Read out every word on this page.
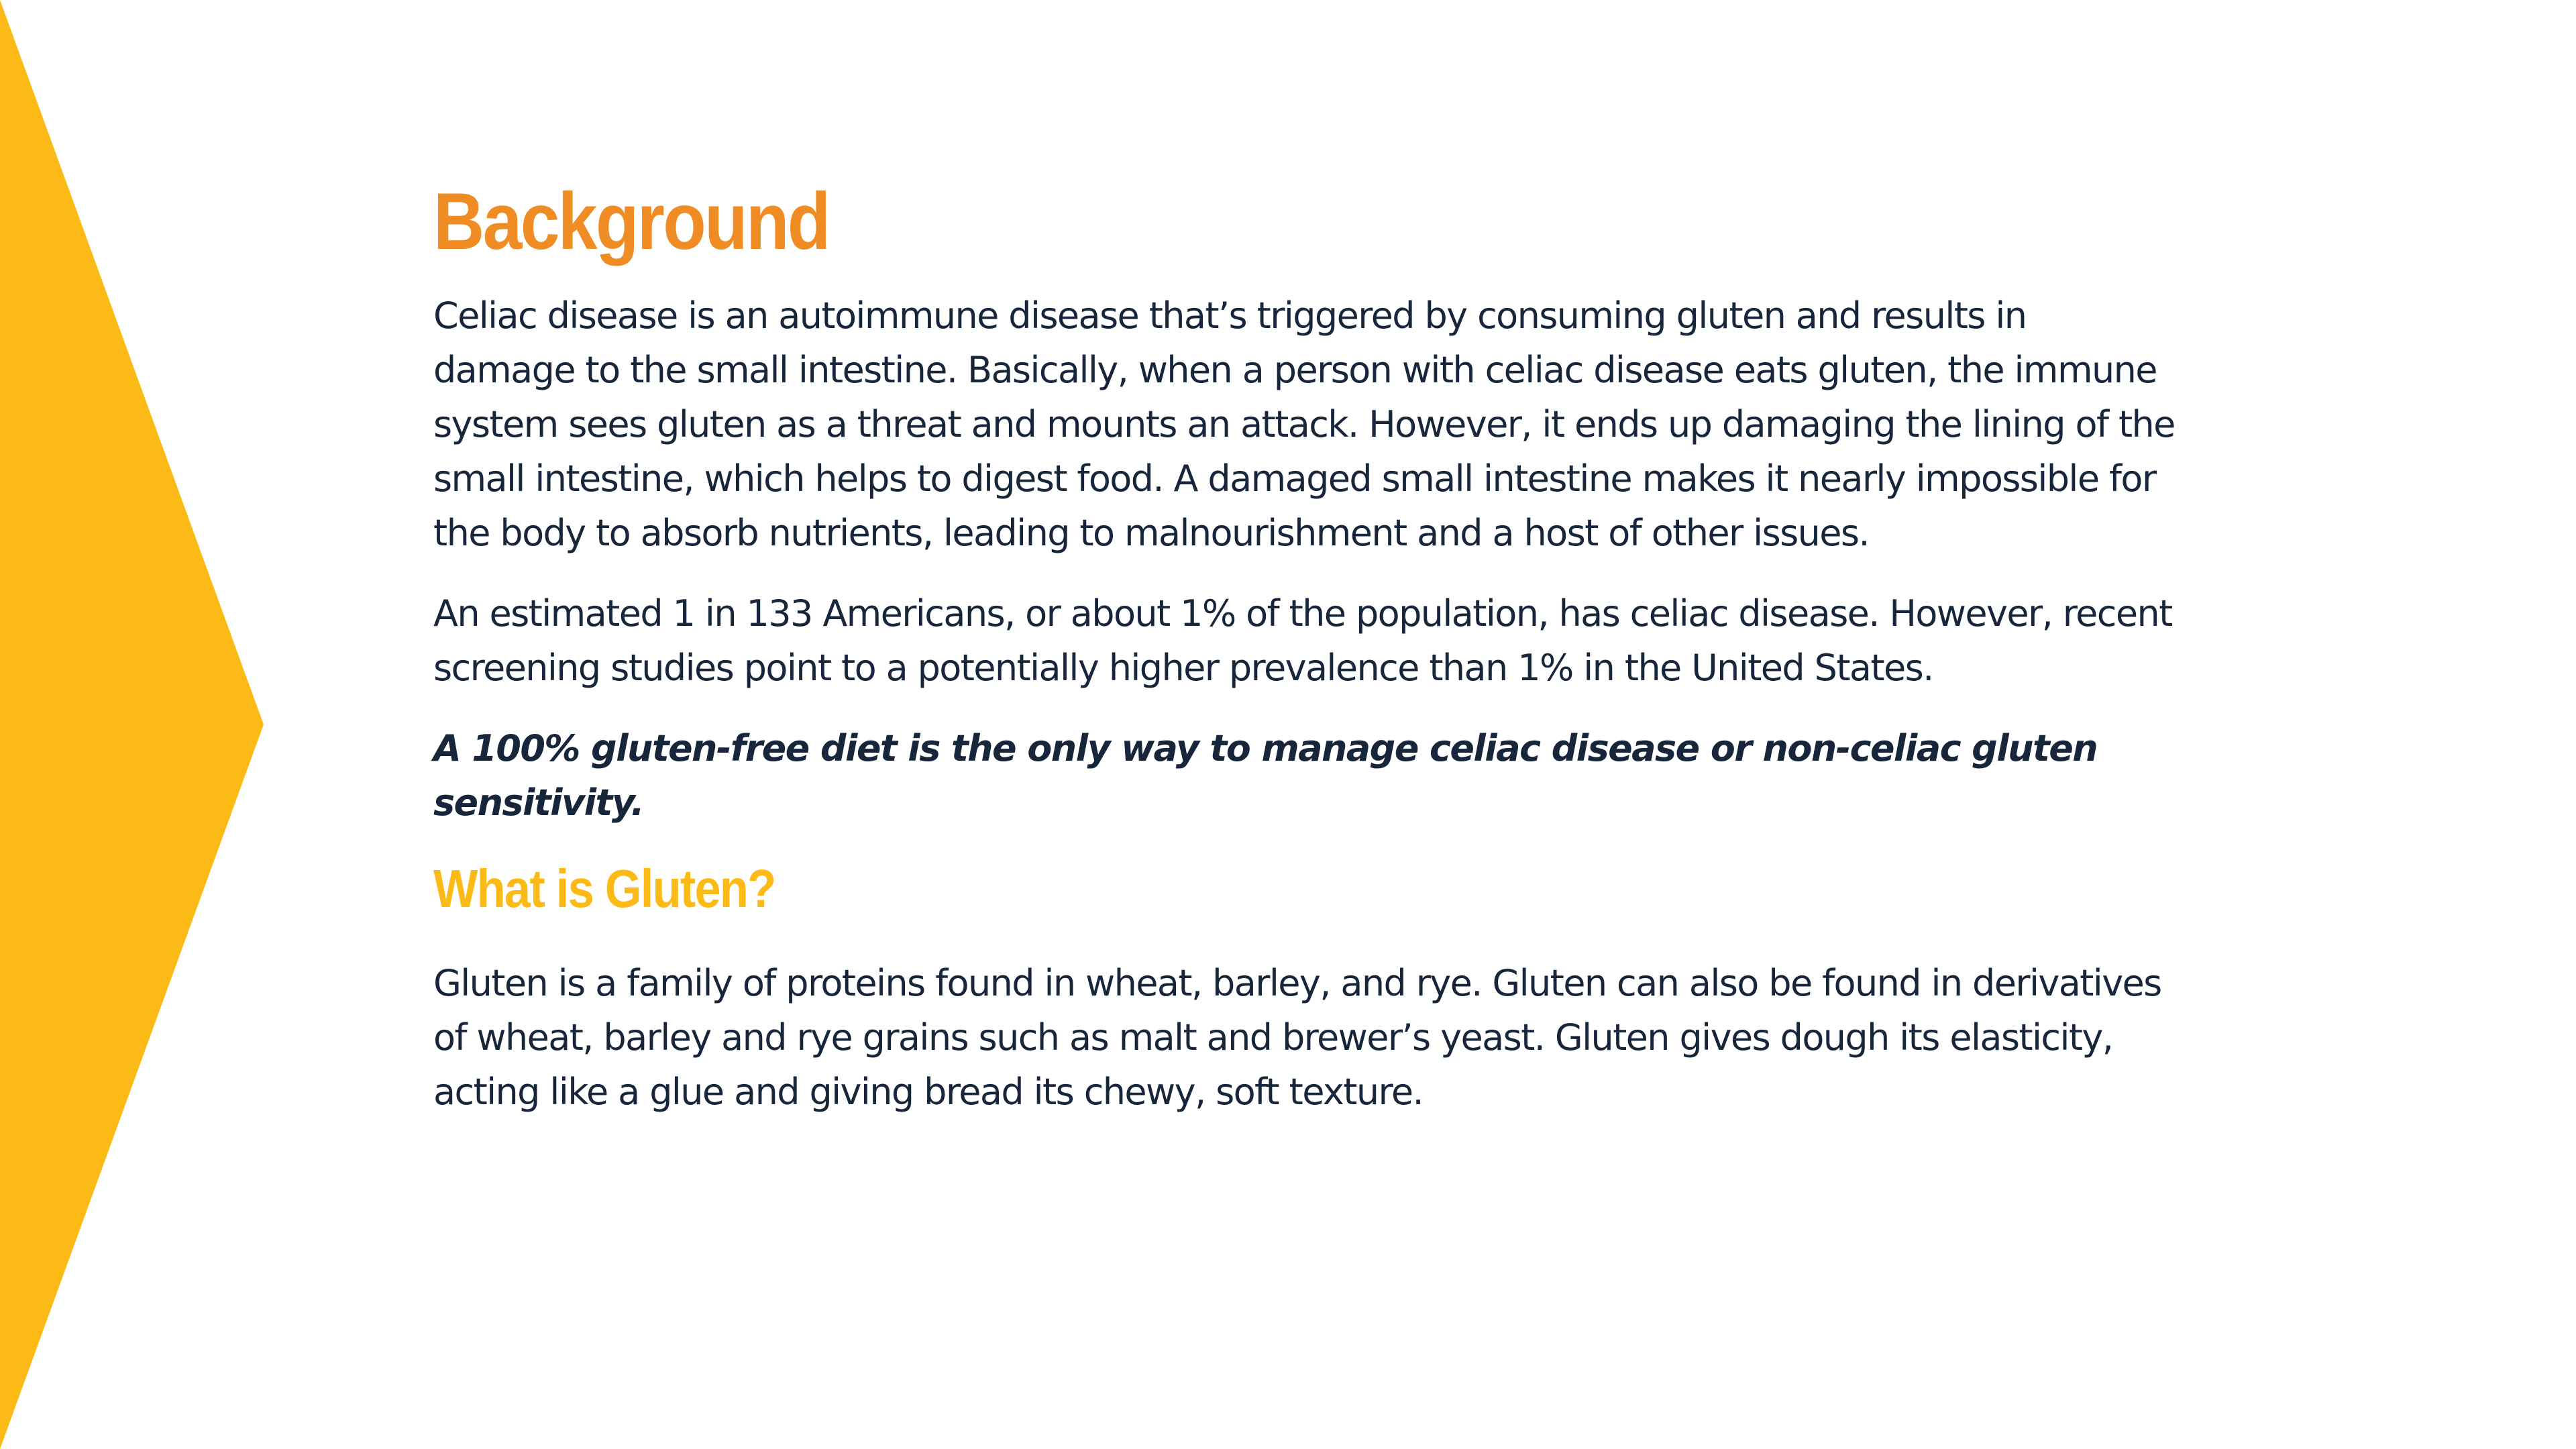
Background

Celiac disease is an autoimmune disease that’s triggered by consuming gluten and results in damage to the small intestine. Basically, when a person with celiac disease eats gluten, the immune system sees gluten as a threat and mounts an attack. However, it ends up damaging the lining of the small intestine, which helps to digest food. A damaged small intestine makes it nearly impossible for the body to absorb nutrients, leading to malnourishment and a host of other issues.

An estimated 1 in 133 Americans, or about 1% of the population, has celiac disease. However, recent screening studies point to a potentially higher prevalence than 1% in the United States.

A 100% gluten-free diet is the only way to manage celiac disease or non-celiac gluten sensitivity.

What is Gluten?

Gluten is a family of proteins found in wheat, barley, and rye. Gluten can also be found in derivatives of wheat, barley and rye grains such as malt and brewer’s yeast. Gluten gives dough its elasticity, acting like a glue and giving bread its chewy, soft texture.
